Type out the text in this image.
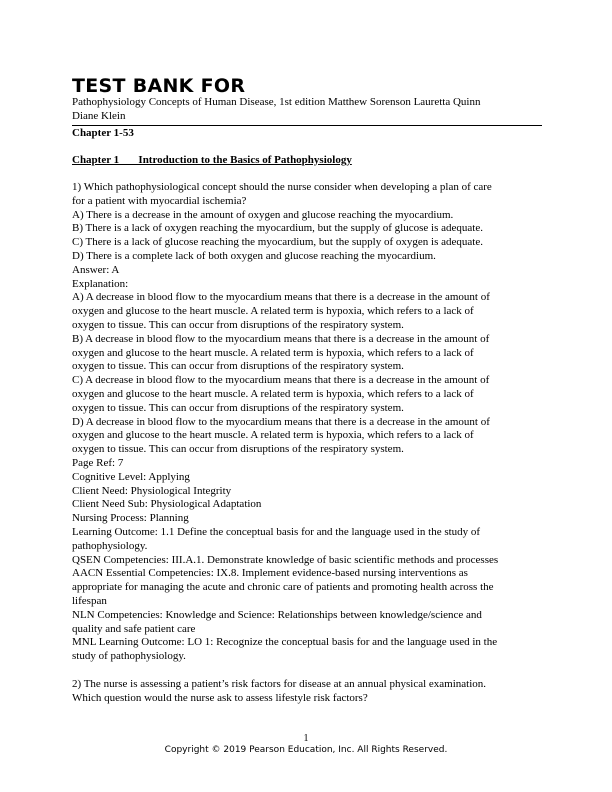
TEST BANK FOR
Pathophysiology Concepts of Human Disease, 1st edition Matthew Sorenson Lauretta Quinn
Diane Klein
Chapter 1-53
Chapter 1       Introduction to the Basics of Pathophysiology
1) Which pathophysiological concept should the nurse consider when developing a plan of care
for a patient with myocardial ischemia?
A) There is a decrease in the amount of oxygen and glucose reaching the myocardium.
B) There is a lack of oxygen reaching the myocardium, but the supply of glucose is adequate.
C) There is a lack of glucose reaching the myocardium, but the supply of oxygen is adequate.
D) There is a complete lack of both oxygen and glucose reaching the myocardium.
Answer: A
Explanation:
A) A decrease in blood flow to the myocardium means that there is a decrease in the amount of
oxygen and glucose to the heart muscle. A related term is hypoxia, which refers to a lack of
oxygen to tissue. This can occur from disruptions of the respiratory system.
B) A decrease in blood flow to the myocardium means that there is a decrease in the amount of
oxygen and glucose to the heart muscle. A related term is hypoxia, which refers to a lack of
oxygen to tissue. This can occur from disruptions of the respiratory system.
C) A decrease in blood flow to the myocardium means that there is a decrease in the amount of
oxygen and glucose to the heart muscle. A related term is hypoxia, which refers to a lack of
oxygen to tissue. This can occur from disruptions of the respiratory system.
D) A decrease in blood flow to the myocardium means that there is a decrease in the amount of
oxygen and glucose to the heart muscle. A related term is hypoxia, which refers to a lack of
oxygen to tissue. This can occur from disruptions of the respiratory system.
Page Ref: 7
Cognitive Level: Applying
Client Need: Physiological Integrity
Client Need Sub: Physiological Adaptation
Nursing Process: Planning
Learning Outcome: 1.1 Define the conceptual basis for and the language used in the study of
pathophysiology.
QSEN Competencies: III.A.1. Demonstrate knowledge of basic scientific methods and processes
AACN Essential Competencies: IX.8. Implement evidence-based nursing interventions as
appropriate for managing the acute and chronic care of patients and promoting health across the
lifespan
NLN Competencies: Knowledge and Science: Relationships between knowledge/science and
quality and safe patient care
MNL Learning Outcome: LO 1: Recognize the conceptual basis for and the language used in the
study of pathophysiology.
2) The nurse is assessing a patient’s risk factors for disease at an annual physical examination.
Which question would the nurse ask to assess lifestyle risk factors?
1
Copyright © 2019 Pearson Education, Inc. All Rights Reserved.
